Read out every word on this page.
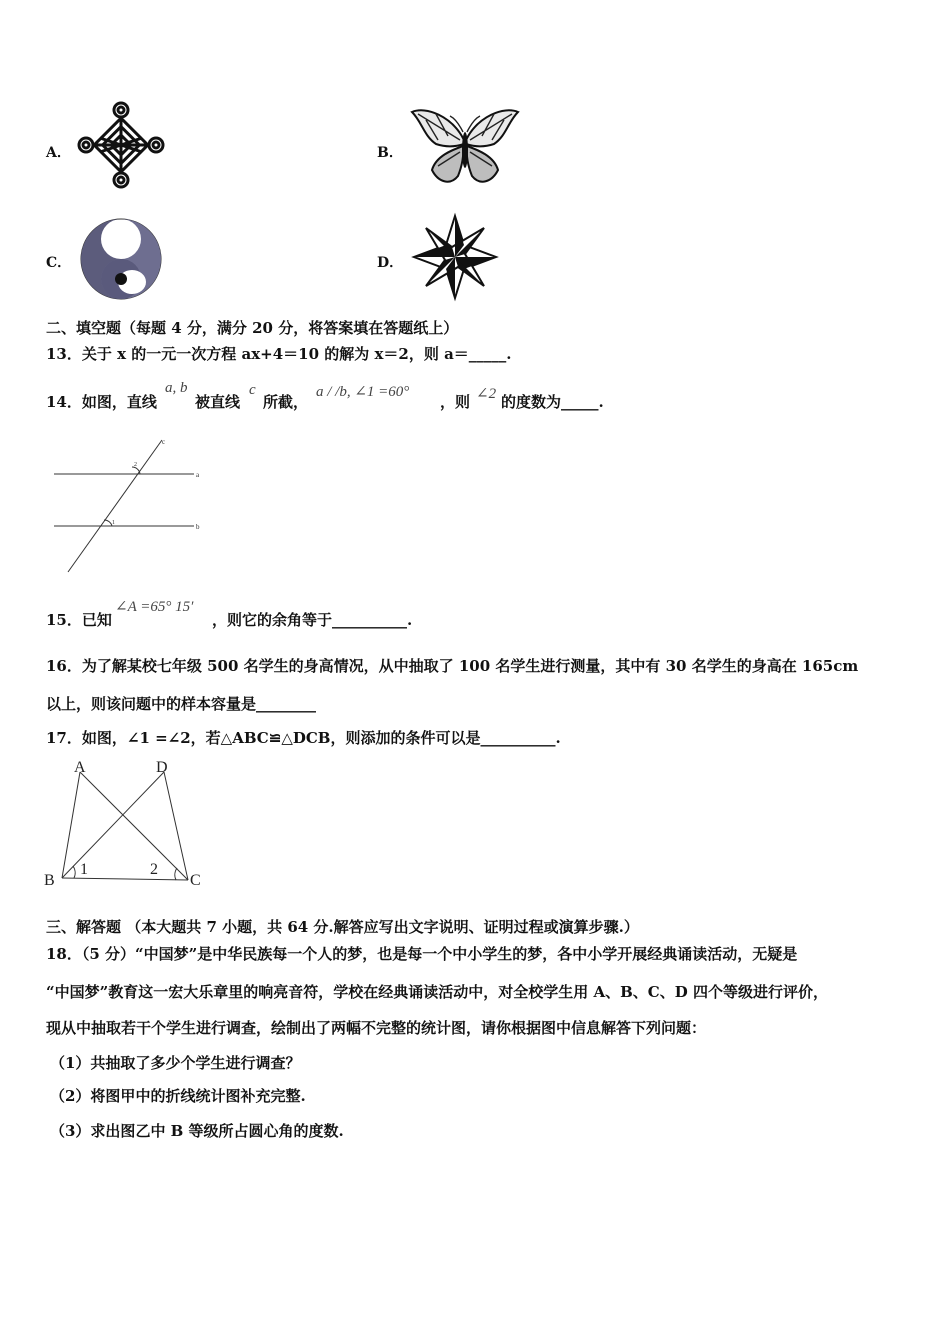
A．	B．
C．	D．
二、填空题（每题 4 分，满分 20 分，将答案填在答题纸上）
13．关于 x 的一元一次方程 ax+4＝10 的解为 x＝2，则 a＝_____.
14．如图，直线
a, b
被直线
c
所截，
a / /b, ∠1 =60°
，则 ∠2 的度数为_____.
c
a
b
2
1
15．已知
∠A =65° 15′
，则它的余角等于__________.
16．为了解某校七年级 500 名学生的身高情况，从中抽取了 100 名学生进行测量，其中有 30 名学生的身高在 165cm
以上，则该问题中的样本容量是________
17．如图，∠1 =∠2，若△ABC≌△DCB，则添加的条件可以是__________.
A	D
B	C
1	2
三、解答题 （本大题共 7 小题，共 64 分.解答应写出文字说明、证明过程或演算步骤.）
18．（5 分）“中国梦”是中华民族每一个人的梦，也是每一个中小学生的梦，各中小学开展经典诵读活动，无疑是
“中国梦”教育这一宏大乐章里的响亮音符，学校在经典诵读活动中，对全校学生用 A、B、C、D 四个等级进行评价，
现从中抽取若干个学生进行调查，绘制出了两幅不完整的统计图，请你根据图中信息解答下列问题：
（1）共抽取了多少个学生进行调查？
（2）将图甲中的折线统计图补充完整.
（3）求出图乙中 B 等级所占圆心角的度数.
